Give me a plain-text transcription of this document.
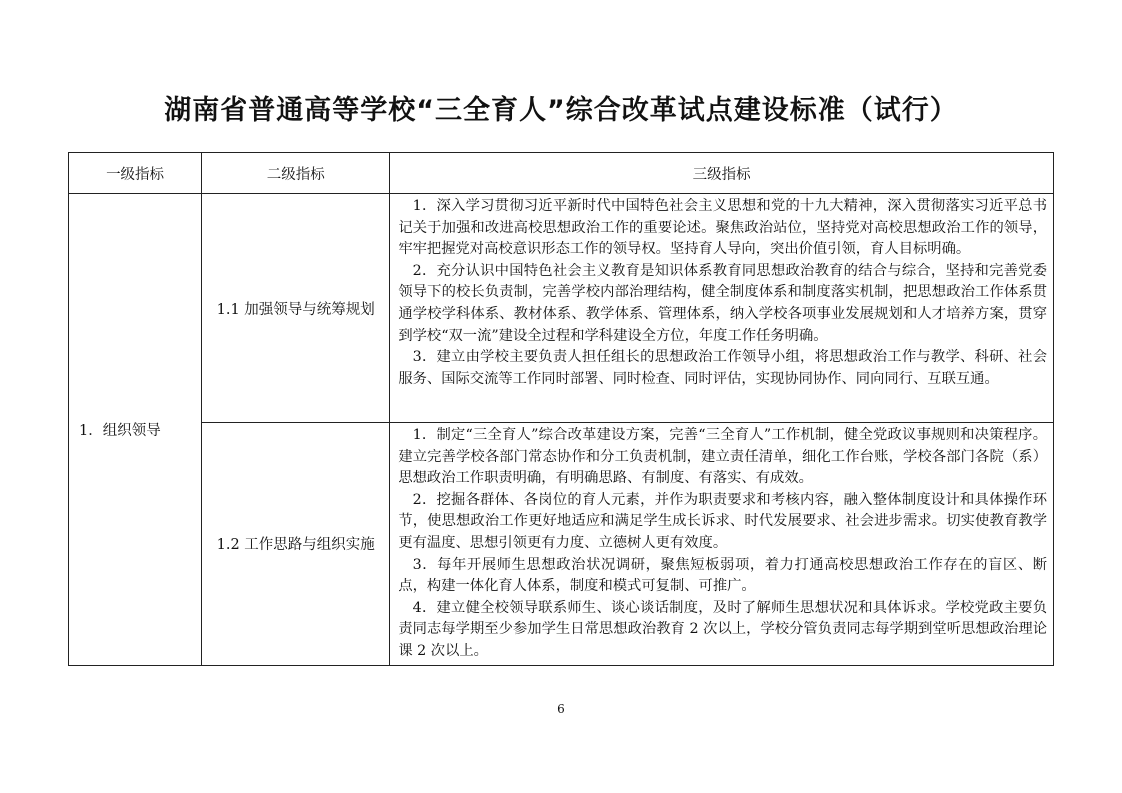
湖南省普通高等学校“三全育人”综合改革试点建设标准（试行）
一级指标	二级指标	三级指标
1．组织领导	1.1 加强领导与统筹规划	1．深入学习贯彻习近平新时代中国特色社会主义思想和党的十九大精神，深入贯彻落实习近平总书记关于加强和改进高校思想政治工作的重要论述。聚焦政治站位，坚持党对高校思想政治工作的领导，牢牢把握党对高校意识形态工作的领导权。坚持育人导向，突出价值引领，育人目标明确。

2．充分认识中国特色社会主义教育是知识体系教育同思想政治教育的结合与综合，坚持和完善党委领导下的校长负责制，完善学校内部治理结构，健全制度体系和制度落实机制，把思想政治工作体系贯通学校学科体系、教材体系、教学体系、管理体系，纳入学校各项事业发展规划和人才培养方案，贯穿到学校“双一流”建设全过程和学科建设全方位，年度工作任务明确。

3．建立由学校主要负责人担任组长的思想政治工作领导小组，将思想政治工作与教学、科研、社会服务、国际交流等工作同时部署、同时检查、同时评估，实现协同协作、同向同行、互联互通。

	1.2 工作思路与组织实施	1．制定“三全育人”综合改革建设方案，完善“三全育人”工作机制，健全党政议事规则和决策程序。建立完善学校各部门常态协作和分工负责机制，建立责任清单，细化工作台账，学校各部门各院（系）思想政治工作职责明确，有明确思路、有制度、有落实、有成效。

2．挖掘各群体、各岗位的育人元素，并作为职责要求和考核内容，融入整体制度设计和具体操作环节，使思想政治工作更好地适应和满足学生成长诉求、时代发展要求、社会进步需求。切实使教育教学更有温度、思想引领更有力度、立德树人更有效度。

3．每年开展师生思想政治状况调研，聚焦短板弱项，着力打通高校思想政治工作存在的盲区、断点，构建一体化育人体系，制度和模式可复制、可推广。

4．建立健全校领导联系师生、谈心谈话制度，及时了解师生思想状况和具体诉求。学校党政主要负责同志每学期至少参加学生日常思想政治教育 2 次以上，学校分管负责同志每学期到堂听思想政治理论课 2 次以上。

6
